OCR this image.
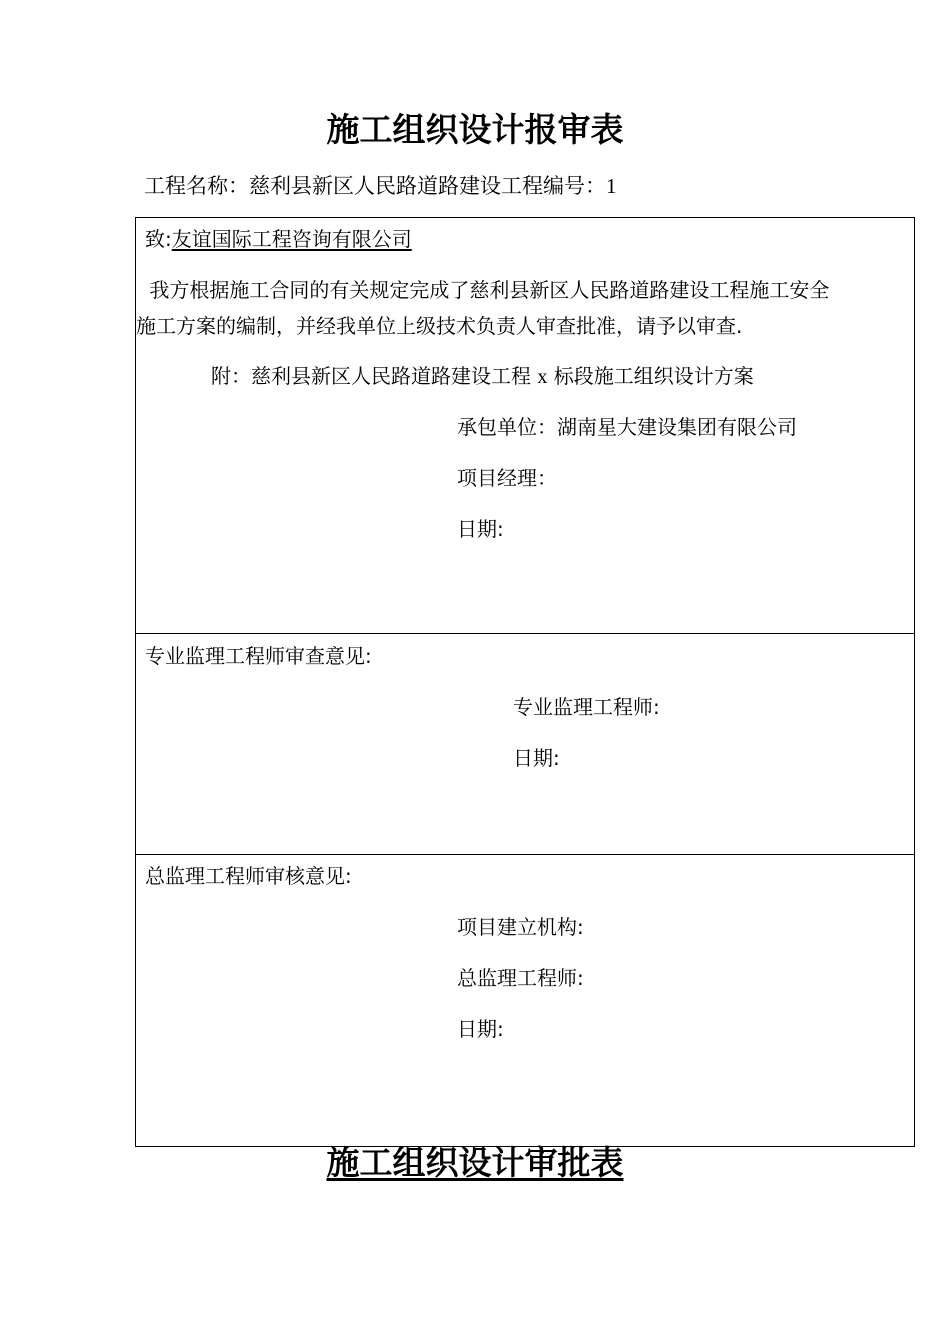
施工组织设计报审表
工程名称：慈利县新区人民路道路建设工程编号：1
致:友谊国际工程咨询有限公司
我方根据施工合同的有关规定完成了慈利县新区人民路道路建设工程施工安全
施工方案的编制，并经我单位上级技术负责人审查批准，请予以审查.
附：慈利县新区人民路道路建设工程 x 标段施工组织设计方案
承包单位：湖南星大建设集团有限公司
项目经理：
日期:
专业监理工程师审查意见:
专业监理工程师:
日期:
总监理工程师审核意见:
项目建立机构:
总监理工程师:
日期:
施工组织设计审批表
